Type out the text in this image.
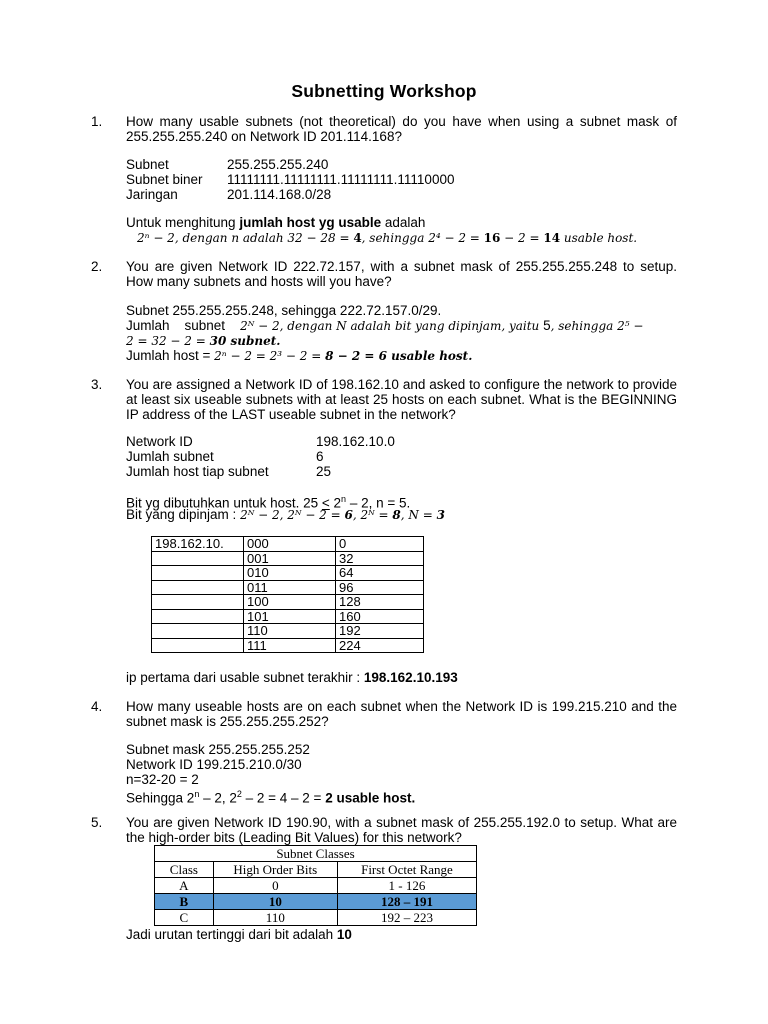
Subnetting Workshop
1.	How many usable subnets (not theoretical) do you have when using a subnet mask of 255.255.255.240 on Network ID 201.114.168?
Subnet	255.255.255.240
Subnet biner	11111111.11111111.11111111.11110000
Jaringan	201.114.168.0/28
Untuk menghitung jumlah host yg usable adalah
2ⁿ − 2, dengan n adalah 32 − 28 = 4, sehingga 2⁴ − 2 = 16 − 2 = 14 usable host.
2.	You are given Network ID 222.72.157, with a subnet mask of 255.255.255.248 to setup. How many subnets and hosts will you have?
Subnet 255.255.255.248, sehingga 222.72.157.0/29.
Jumlah    subnet 2ᴺ − 2, dengan N adalah bit yang dipinjam, yaitu 5, sehingga 2⁵ −
2 = 32 − 2 = 30 subnet.
Jumlah host = 2ⁿ − 2 = 2³ − 2 = 8 − 2 = 6 usable host.
3.	You are assigned a Network ID of 198.162.10 and asked to configure the network to provide at least six useable subnets with at least 25 hosts on each subnet. What is the BEGINNING IP address of the LAST useable subnet in the network?
Network ID	198.162.10.0
Jumlah subnet	6
Jumlah host tiap subnet	25
Bit yg dibutuhkan untuk host. $25 < 2^n - 2$, n = 5.
Bit yang dipinjam : 2ᴺ − 2, 2ᴺ − 2 = 6, 2ᴺ = 8, N = 3
198.162.10.	000	0
	001	32
	010	64
	011	96
	100	128
	101	160
	110	192
	111	224
ip pertama dari usable subnet terakhir : 198.162.10.193
4.	How many useable hosts are on each subnet when the Network ID is 199.215.210 and the subnet mask is 255.255.255.252?
Subnet mask 255.255.255.252
Network ID 199.215.210.0/30
n=32-20 = 2
Sehingga 2$^n$ – 2, $2^2 - 2 = 4 - 2 = 2$ usable host.
5.	You are given Network ID 190.90, with a subnet mask of 255.255.192.0 to setup. What are the high-order bits (Leading Bit Values) for this network?
Subnet Classes		
Class	High Order Bits	First Octet Range
A	0	1 - 126
B	10	128 – 191
C	110	192 – 223
Jadi urutan tertinggi dari bit adalah 10
